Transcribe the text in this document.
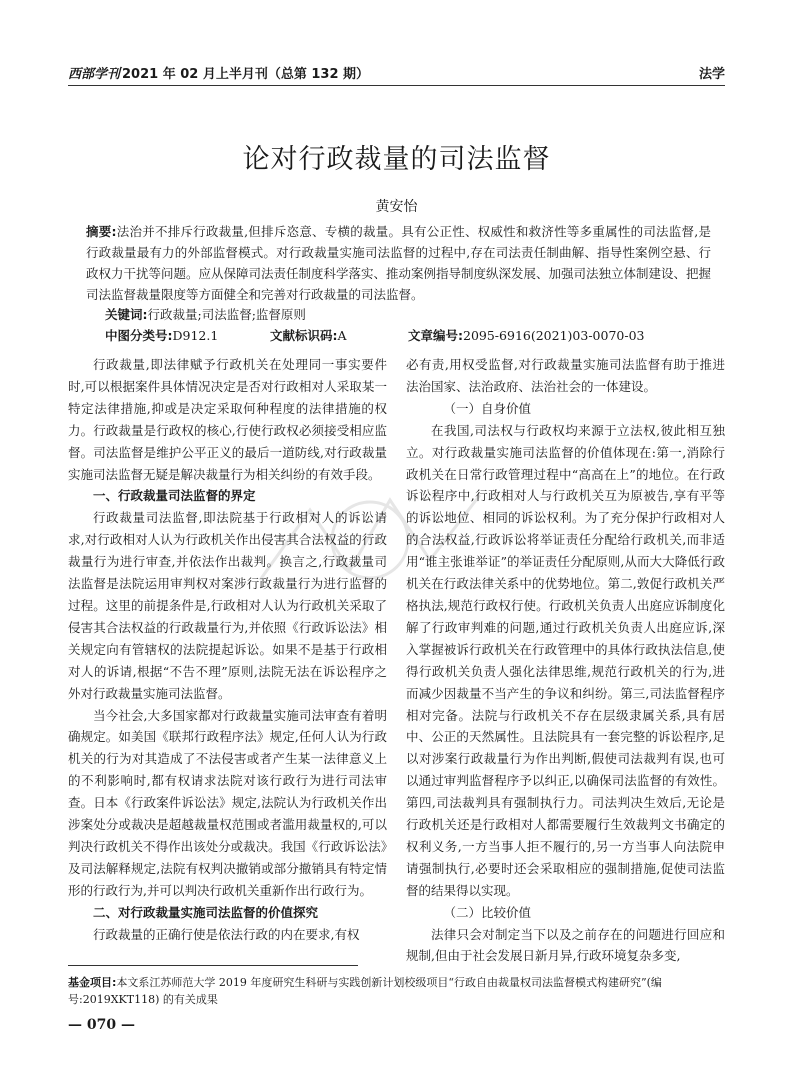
西部学刊 2021 年 02 月上半月刊（总第 132 期）	法学
论对行政裁量的司法监督
黄安怡
摘要:法治并不排斥行政裁量,但排斥恣意、专横的裁量。具有公正性、权威性和救济性等多重属性的司法监督,是行政裁量最有力的外部监督模式。对行政裁量实施司法监督的过程中,存在司法责任制曲解、指导性案例空悬、行政权力干扰等问题。应从保障司法责任制度科学落实、推动案例指导制度纵深发展、加强司法独立体制建设、把握司法监督裁量限度等方面健全和完善对行政裁量的司法监督。
关键词:行政裁量;司法监督;监督原则
中图分类号:D912.1	文献标识码:A	文章编号:2095-6916(2021)03-0070-03

行政裁量,即法律赋予行政机关在处理同一事实要件时,可以根据案件具体情况决定是否对行政相对人采取某一特定法律措施,抑或是决定采取何种程度的法律措施的权力。行政裁量是行政权的核心,行使行政权必须接受相应监督。司法监督是维护公平正义的最后一道防线,对行政裁量实施司法监督无疑是解决裁量行为相关纠纷的有效手段。

一、行政裁量司法监督的界定

行政裁量司法监督,即法院基于行政相对人的诉讼请求,对行政相对人认为行政机关作出侵害其合法权益的行政裁量行为进行审查,并依法作出裁判。换言之,行政裁量司法监督是法院运用审判权对案涉行政裁量行为进行监督的过程。这里的前提条件是,行政相对人认为行政机关采取了侵害其合法权益的行政裁量行为,并依照《行政诉讼法》相关规定向有管辖权的法院提起诉讼。如果不是基于行政相对人的诉请,根据“不告不理”原则,法院无法在诉讼程序之外对行政裁量实施司法监督。

当今社会,大多国家都对行政裁量实施司法审查有着明确规定。如美国《联邦行政程序法》规定,任何人认为行政机关的行为对其造成了不法侵害或者产生某一法律意义上的不利影响时,都有权请求法院对该行政行为进行司法审查。日本《行政案件诉讼法》规定,法院认为行政机关作出涉案处分或裁决是超越裁量权范围或者滥用裁量权的,可以判决行政机关不得作出该处分或裁决。我国《行政诉讼法》及司法解释规定,法院有权判决撤销或部分撤销具有特定情形的行政行为,并可以判决行政机关重新作出行政行为。

二、对行政裁量实施司法监督的价值探究

行政裁量的正确行使是依法行政的内在要求,有权

必有责,用权受监督,对行政裁量实施司法监督有助于推进法治国家、法治政府、法治社会的一体建设。

（一）自身价值

在我国,司法权与行政权均来源于立法权,彼此相互独立。对行政裁量实施司法监督的价值体现在:第一,消除行政机关在日常行政管理过程中“高高在上”的地位。在行政诉讼程序中,行政相对人与行政机关互为原被告,享有平等的诉讼地位、相同的诉讼权利。为了充分保护行政相对人的合法权益,行政诉讼将举证责任分配给行政机关,而非适用“谁主张谁举证”的举证责任分配原则,从而大大降低行政机关在行政法律关系中的优势地位。第二,敦促行政机关严格执法,规范行政权行使。行政机关负责人出庭应诉制度化解了行政审判难的问题,通过行政机关负责人出庭应诉,深入掌握被诉行政机关在行政管理中的具体行政执法信息,使得行政机关负责人强化法律思维,规范行政机关的行为,进而减少因裁量不当产生的争议和纠纷。第三,司法监督程序相对完备。法院与行政机关不存在层级隶属关系,具有居中、公正的天然属性。且法院具有一套完整的诉讼程序,足以对涉案行政裁量行为作出判断,假使司法裁判有误,也可以通过审判监督程序予以纠正,以确保司法监督的有效性。第四,司法裁判具有强制执行力。司法判决生效后,无论是行政机关还是行政相对人都需要履行生效裁判文书确定的权利义务,一方当事人拒不履行的,另一方当事人向法院申请强制执行,必要时还会采取相应的强制措施,促使司法监督的结果得以实现。

（二）比较价值

法律只会对制定当下以及之前存在的问题进行回应和规制,但由于社会发展日新月异,行政环境复杂多变,

基金项目:本文系江苏师范大学 2019 年度研究生科研与实践创新计划校级项目“行政自由裁量权司法监督模式构建研究”(编号:2019XKT118) 的有关成果
— 070 —
